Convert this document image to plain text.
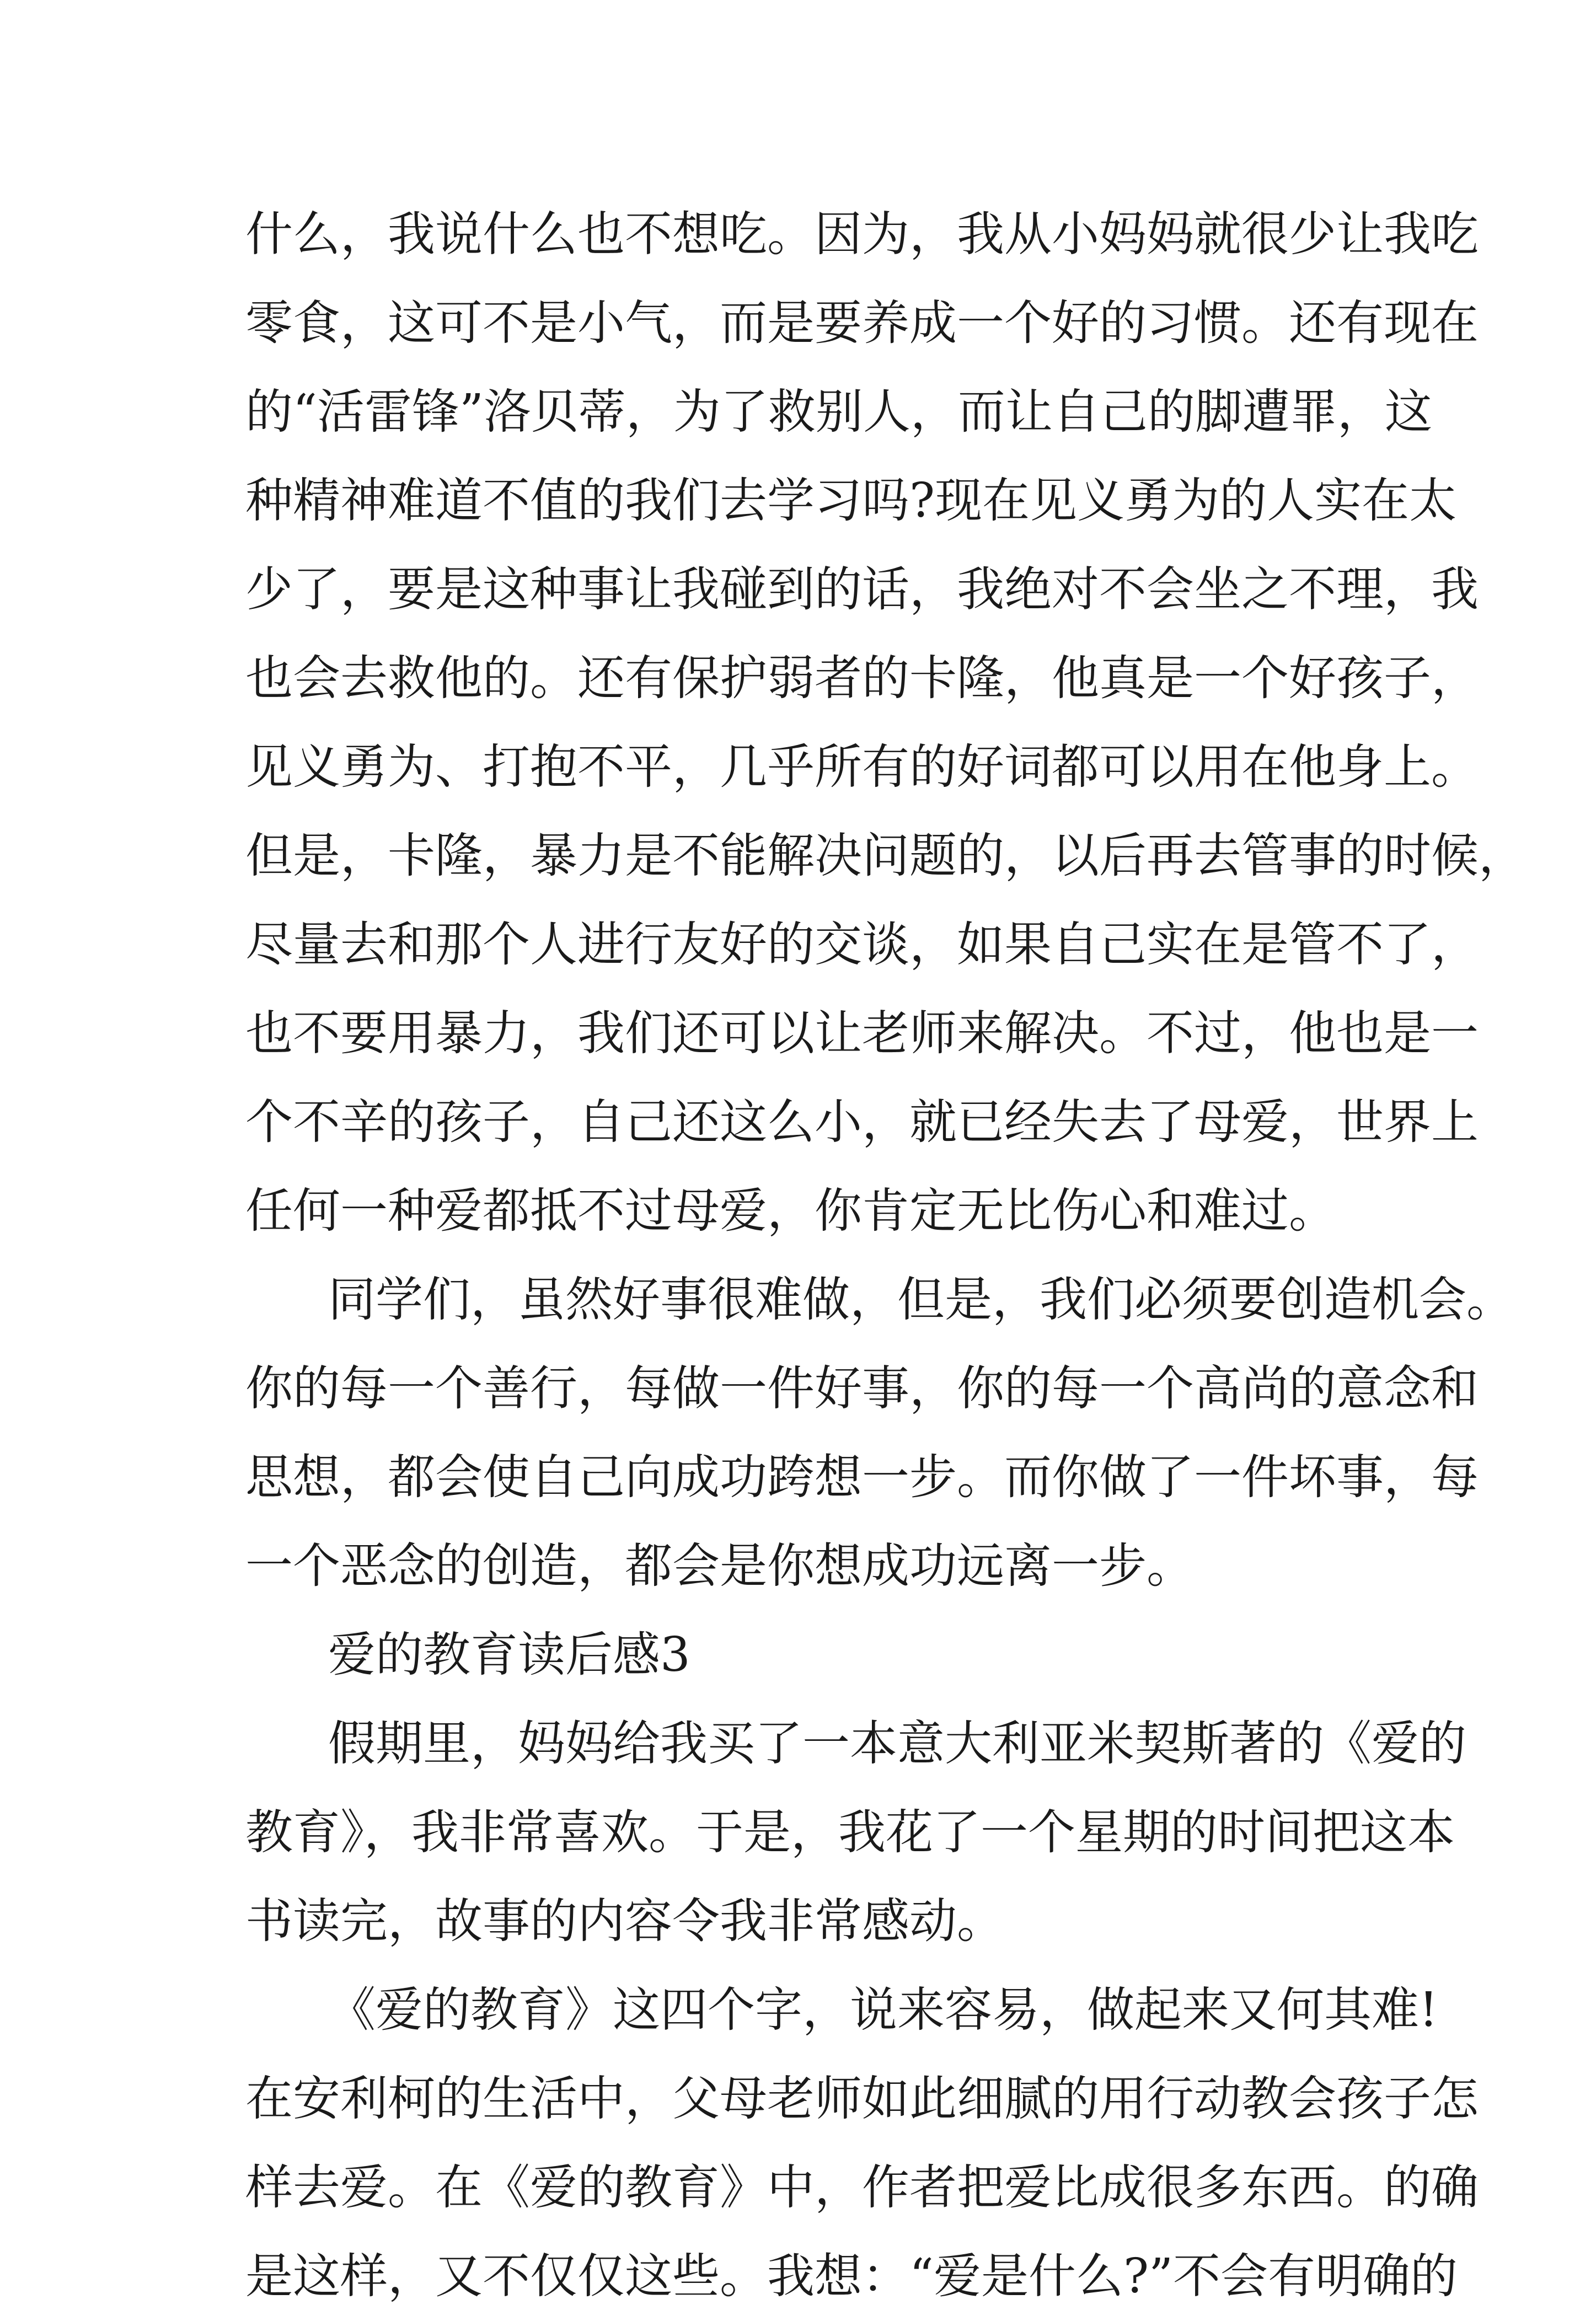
什么，我说什么也不想吃。因为，我从小妈妈就很少让我吃
零食，这可不是小气，而是要养成一个好的习惯。还有现在
的“活雷锋”洛贝蒂，为了救别人，而让自己的脚遭罪，这
种精神难道不值的我们去学习吗?现在见义勇为的人实在太
少了，要是这种事让我碰到的话，我绝对不会坐之不理，我
也会去救他的。还有保护弱者的卡隆，他真是一个好孩子，
见义勇为、打抱不平，几乎所有的好词都可以用在他身上。
但是，卡隆，暴力是不能解决问题的，以后再去管事的时候，
尽量去和那个人进行友好的交谈，如果自己实在是管不了，
也不要用暴力，我们还可以让老师来解决。不过，他也是一
个不辛的孩子，自己还这么小，就已经失去了母爱，世界上
任何一种爱都抵不过母爱，你肯定无比伤心和难过。
同学们，虽然好事很难做，但是，我们必须要创造机会。
你的每一个善行，每做一件好事，你的每一个高尚的意念和
思想，都会使自己向成功跨想一步。而你做了一件坏事，每
一个恶念的创造，都会是你想成功远离一步。
爱的教育读后感3
假期里，妈妈给我买了一本意大利亚米契斯著的《爱的
教育》，我非常喜欢。于是，我花了一个星期的时间把这本
书读完，故事的内容令我非常感动。
《爱的教育》这四个字，说来容易，做起来又何其难!
在安利柯的生活中，父母老师如此细腻的用行动教会孩子怎
样去爱。在《爱的教育》中，作者把爱比成很多东西。的确
是这样，又不仅仅这些。我想：“爱是什么?”不会有明确的
